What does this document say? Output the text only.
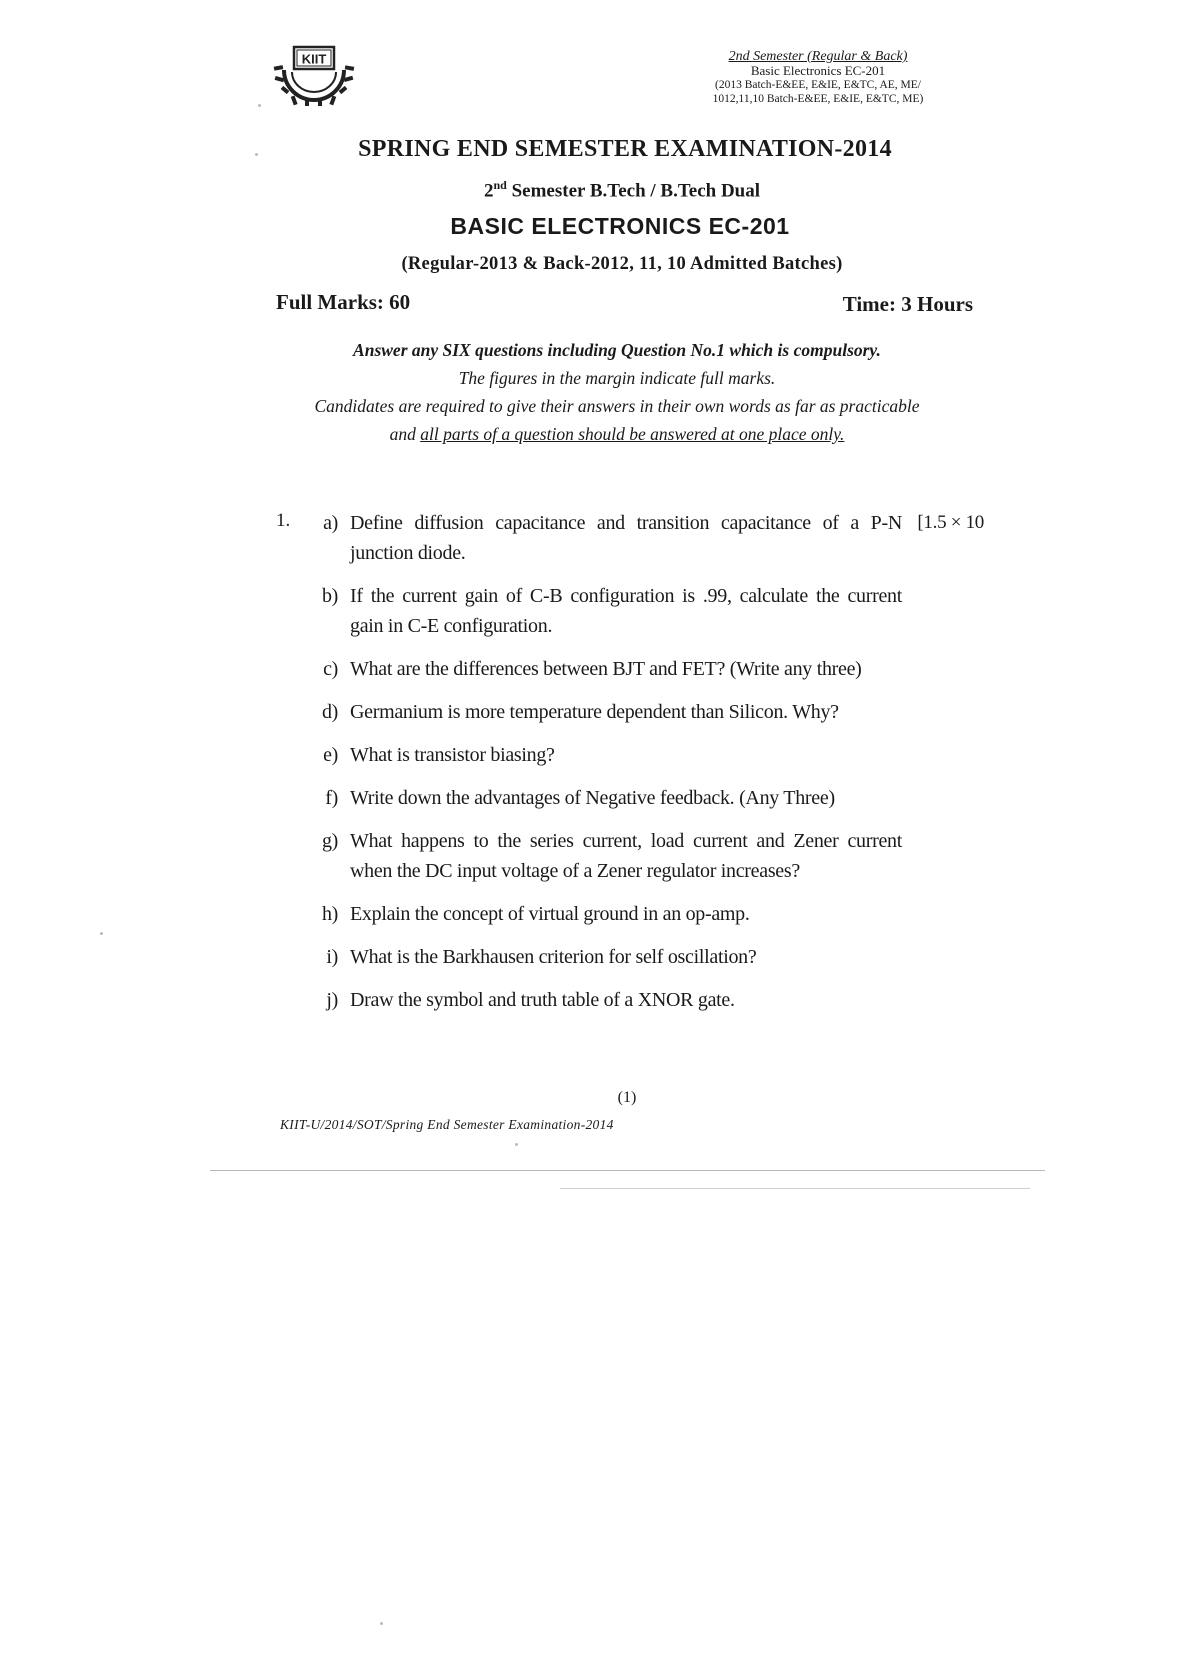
KIIT	2nd Semester (Regular & Back)
Basic Electronics EC-201
(2013 Batch-E&EE, E&IE, E&TC, AE, ME/
1012,11,10 Batch-E&EE, E&IE, E&TC, ME)
SPRING END SEMESTER EXAMINATION-2014
2nd Semester B.Tech / B.Tech Dual
BASIC ELECTRONICS EC-201
(Regular-2013 & Back-2012, 11, 10 Admitted Batches)
Full Marks: 60	Time: 3 Hours
Answer any SIX questions including Question No.1 which is compulsory.
The figures in the margin indicate full marks.
Candidates are required to give their answers in their own words as far as practicable
and all parts of a question should be answered at one place only.
1.	a) Define diffusion capacitance and transition capacitance of a P-N junction diode.
[1.5 × 10
b) If the current gain of C-B configuration is .99, calculate the current gain in C-E configuration.
c) What are the differences between BJT and FET? (Write any three)
d) Germanium is more temperature dependent than Silicon. Why?
e) What is transistor biasing?
f) Write down the advantages of Negative feedback. (Any Three)
g) What happens to the series current, load current and Zener current when the DC input voltage of a Zener regulator increases?
h) Explain the concept of virtual ground in an op-amp.
i) What is the Barkhausen criterion for self oscillation?
j) Draw the symbol and truth table of a XNOR gate.
(1)
KIIT-U/2014/SOT/Spring End Semester Examination-2014
